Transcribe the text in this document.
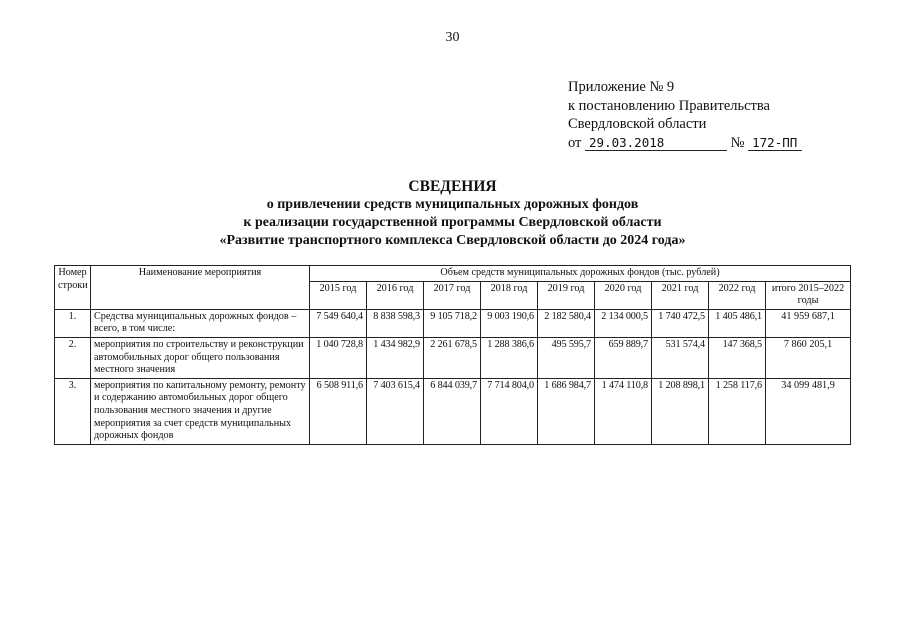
30
Приложение № 9
к постановлению Правительства
Свердловской области
от 29.03.2018	№ 172-ПП
СВЕДЕНИЯ
о привлечении средств муниципальных дорожных фондов
к реализации государственной программы Свердловской области
«Развитие транспортного комплекса Свердловской области до 2024 года»
Номер строки	Наименование мероприятия	Объем средств муниципальных дорожных фондов (тыс. рублей)								
		2015 год	2016 год	2017 год	2018 год	2019 год	2020 год	2021 год	2022 год	итого 2015–2022 годы
1.	Средства муниципальных дорожных фондов – всего, в том числе:	7 549 640,4	8 838 598,3	9 105 718,2	9 003 190,6	2 182 580,4	2 134 000,5	1 740 472,5	1 405 486,1	41 959 687,1
2.	мероприятия по строительству и реконструкции автомобильных дорог общего пользования местного значения	1 040 728,8	1 434 982,9	2 261 678,5	1 288 386,6	495 595,7	659 889,7	531 574,4	147 368,5	7 860 205,1
3.	мероприятия по капитальному ремонту, ремонту и содержанию автомобильных дорог общего пользования местного значения и другие мероприятия за счет средств муниципальных дорожных фондов	6 508 911,6	7 403 615,4	6 844 039,7	7 714 804,0	1 686 984,7	1 474 110,8	1 208 898,1	1 258 117,6	34 099 481,9
